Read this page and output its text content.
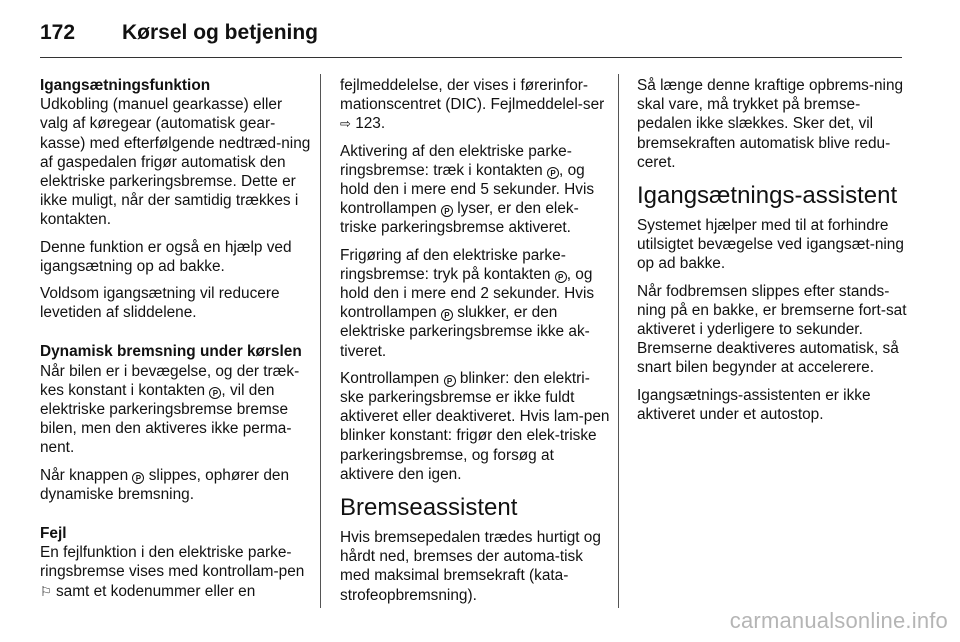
172	Kørsel og betjening
Igangsætningsfunktion

Udkobling (manuel gearkasse) eller valg af køregear (automatisk gear-kasse) med efterfølgende nedtræd-ning af gaspedalen frigør automatisk den elektriske parkeringsbremse. Dette er ikke muligt, når der samtidig trækkes i kontakten.

Denne funktion er også en hjælp ved igangsætning op ad bakke.

Voldsom igangsætning vil reducere levetiden af sliddelene.

Dynamisk bremsning under kørslen

Når bilen er i bevægelse, og der træk-kes konstant i kontakten P , vil den elektriske parkeringsbremse bremse bilen, men den aktiveres ikke perma-nent.

Når knappen P slippes, ophører den dynamiske bremsning.

Fejl

En fejlfunktion i den elektriske parke-ringsbremse vises med kontrollam-pen ⚐ samt et kodenummer eller en

fejlmeddelelse, der vises i førerinfor-mationscentret (DIC). Fejlmeddelel-ser ⇨ 123.

Aktivering af den elektriske parke-ringsbremse: træk i kontakten P , og hold den i mere end 5 sekunder. Hvis kontrollampen P lyser, er den elek-triske parkeringsbremse aktiveret.

Frigøring af den elektriske parke-ringsbremse: tryk på kontakten P , og hold den i mere end 2 sekunder. Hvis kontrollampen P slukker, er den elektriske parkeringsbremse ikke ak-tiveret.

Kontrollampen P blinker: den elektri-ske parkeringsbremse er ikke fuldt aktiveret eller deaktiveret. Hvis lam-pen blinker konstant: frigør den elek-triske parkeringsbremse, og forsøg at aktivere den igen.

Bremseassistent

Hvis bremsepedalen trædes hurtigt og hårdt ned, bremses der automa-tisk med maksimal bremsekraft (kata-strofeopbremsning).

Så længe denne kraftige opbrems-ning skal vare, må trykket på bremse-pedalen ikke slækkes. Sker det, vil bremsekraften automatisk blive redu-ceret.

Igangsætnings-assistent

Systemet hjælper med til at forhindre utilsigtet bevægelse ved igangsæt-ning op ad bakke.

Når fodbremsen slippes efter stands-ning på en bakke, er bremserne fort-sat aktiveret i yderligere to sekunder. Bremserne deaktiveres automatisk, så snart bilen begynder at accelerere.

Igangsætnings-assistenten er ikke aktiveret under et autostop.

carmanualsonline.info
